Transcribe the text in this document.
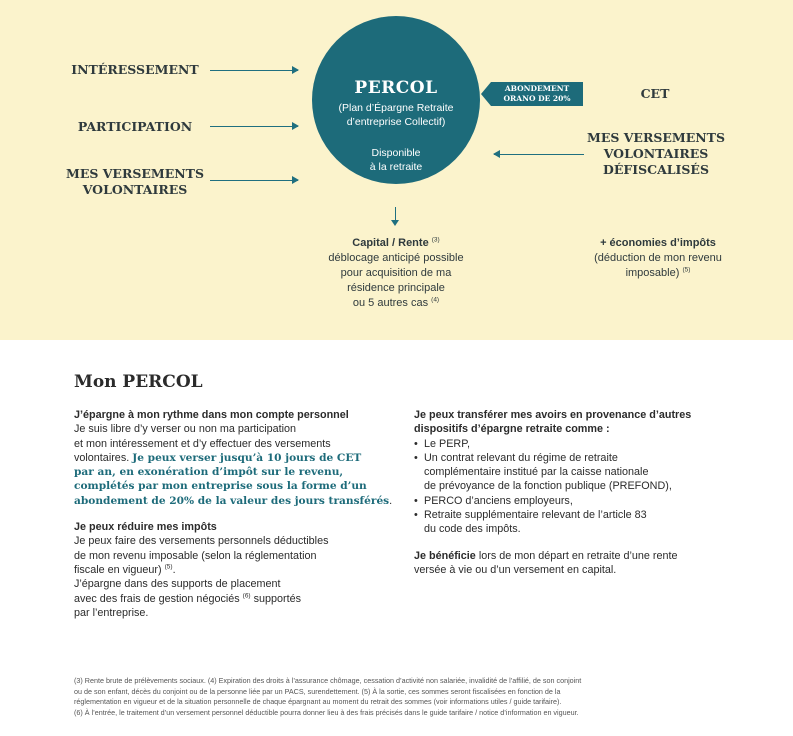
INTÉRESSEMENT
PARTICIPATION
MES VERSEMENTS
VOLONTAIRES
PERCOL
(Plan d’Épargne Retraite
d’entreprise Collectif)
Disponible
à la retraite
ABONDEMENT
ORANO DE 20%	CET
MES VERSEMENTS
VOLONTAIRES
DÉFISCALISÉS
Capital / Rente $^{(3)}$
déblocage anticipé possible
pour acquisition de ma
résidence principale
ou 5 autres cas $^{(4)}$
+ économies d’impôts
(déduction de mon revenu
imposable) $^{(5)}$
Mon PERCOL

J’épargne à mon rythme dans mon compte personnel

Je suis libre d’y verser ou non ma participation
et mon intéressement et d’y effectuer des versements
volontaires. Je peux verser jusqu’à 10 jours de CET
par an, en exonération d’impôt sur le revenu,
complétés par mon entreprise sous la forme d’un
abondement de 20% de la valeur des jours transférés.

Je peux réduire mes impôts

Je peux faire des versements personnels déductibles
de mon revenu imposable (selon la réglementation
fiscale en vigueur) $^{(5)}$.
J’épargne dans des supports de placement
avec des frais de gestion négociés $^{(6)}$ supportés
par l’entreprise.

Je peux transférer mes avoirs en provenance d’autres
dispositifs d’épargne retraite comme :

• Le PERP,
• Un contrat relevant du régime de retraite
complémentaire institué par la caisse nationale
de prévoyance de la fonction publique (PREFOND),
• PERCO d’anciens employeurs,
• Retraite supplémentaire relevant de l’article 83
du code des impôts.

Je bénéficie lors de mon départ en retraite d’une rente
versée à vie ou d’un versement en capital.

(3) Rente brute de prélèvements sociaux. (4) Expiration des droits à l’assurance chômage, cessation d’activité non salariée, invalidité de l’affilié, de son conjoint
ou de son enfant, décès du conjoint ou de la personne liée par un PACS, surendettement. (5) À la sortie, ces sommes seront fiscalisées en fonction de la
réglementation en vigueur et de la situation personnelle de chaque épargnant au moment du retrait des sommes (voir informations utiles / guide tarifaire).
(6) À l’entrée, le traitement d’un versement personnel déductible pourra donner lieu à des frais précisés dans le guide tarifaire / notice d’information en vigueur.
